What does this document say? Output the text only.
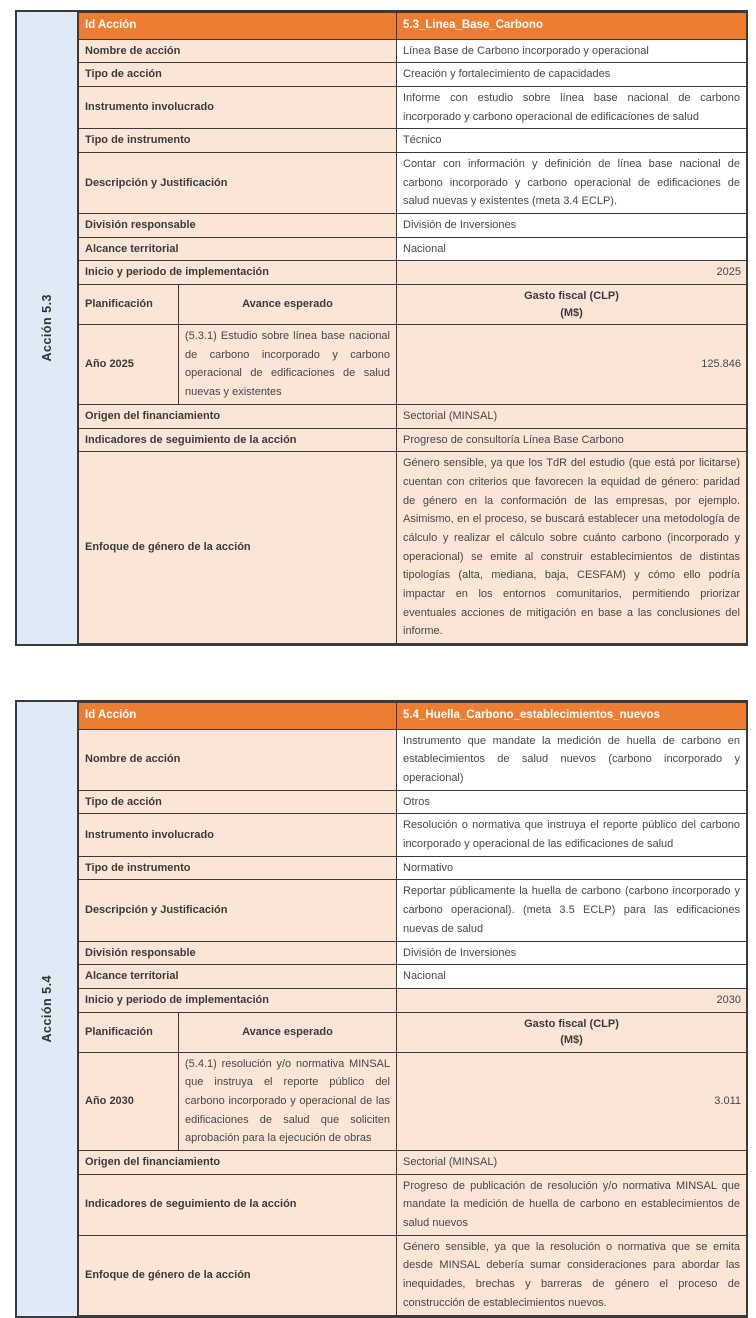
Acción 5.3
Id Acción		5.3_Linea_Base_Carbono
Nombre de acción		Línea Base de Carbono incorporado y operacional
Tipo de acción		Creación y fortalecimiento de capacidades
Instrumento involucrado		Informe con estudio sobre línea base nacional de carbono incorporado y carbono operacional de edificaciones de salud
Tipo de instrumento		Técnico
Descripción y Justificación		Contar con información y definición de línea base nacional de carbono incorporado y carbono operacional de edificaciones de salud nuevas y existentes (meta 3.4 ECLP).
División responsable		División de Inversiones
Alcance territorial		Nacional
Inicio y periodo de implementación		2025
Planificación	Avance esperado	Gasto fiscal (CLP)
(M$)

Año 2025	(5.3.1) Estudio sobre línea base nacional de carbono incorporado y carbono operacional de edificaciones de salud nuevas y existentes	125.846
Origen del financiamiento		Sectorial (MINSAL)
Indicadores de seguimiento de la acción		Progreso de consultoría Línea Base Carbono
Enfoque de género de la acción		Género sensible, ya que los TdR del estudio (que está por licitarse) cuentan con criterios que favorecen la equidad de género: paridad de género en la conformación de las empresas, por ejemplo. Asimismo, en el proceso, se buscará establecer una metodología de cálculo y realizar el cálculo sobre cuánto carbono (incorporado y operacional) se emite al construir establecimientos de distintas tipologías (alta, mediana, baja, CESFAM) y cómo ello podría impactar en los entornos comunitarios, permitiendo priorizar eventuales acciones de mitigación en base a las conclusiones del informe.
Acción 5.4
Id Acción		5.4_Huella_Carbono_establecimientos_nuevos
Nombre de acción		Instrumento que mandate la medición de huella de carbono en establecimientos de salud nuevos (carbono incorporado y operacional)
Tipo de acción		Otros
Instrumento involucrado		Resolución o normativa que instruya el reporte público del carbono incorporado y operacional de las edificaciones de salud
Tipo de instrumento		Normativo
Descripción y Justificación		Reportar públicamente la huella de carbono (carbono incorporado y carbono operacional). (meta 3.5 ECLP) para las edificaciones nuevas de salud
División responsable		División de Inversiones
Alcance territorial		Nacional
Inicio y periodo de implementación		2030
Planificación	Avance esperado	Gasto fiscal (CLP)
(M$)

Año 2030	(5.4.1) resolución y/o normativa MINSAL que instruya el reporte público del carbono incorporado y operacional de las edificaciones de salud que soliciten aprobación para la ejecución de obras	3.011
Origen del financiamiento		Sectorial (MINSAL)
Indicadores de seguimiento de la acción		Progreso de publicación de resolución y/o normativa MINSAL que mandate la medición de huella de carbono en establecimientos de salud nuevos
Enfoque de género de la acción		Género sensible, ya que la resolución o normativa que se emita desde MINSAL debería sumar consideraciones para abordar las inequidades, brechas y barreras de género el proceso de construcción de establecimientos nuevos.
